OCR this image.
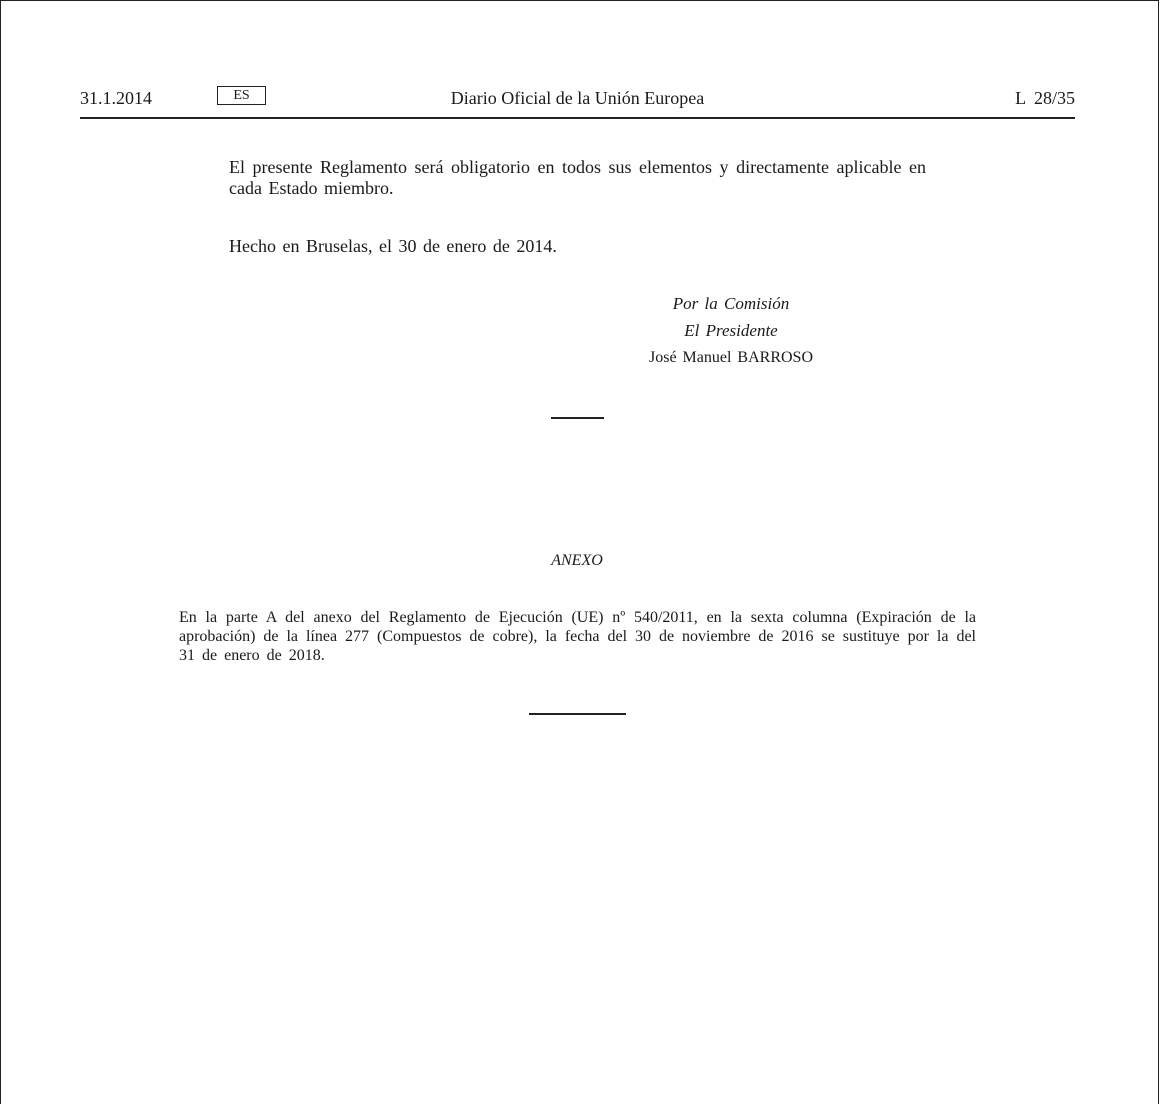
31.1.2014	ES	Diario Oficial de la Unión Europea	L 28/35

El presente Reglamento será obligatorio en todos sus elementos y directamente aplicable en cada Estado miembro.

Hecho en Bruselas, el 30 de enero de 2014.

Por la Comisión
El Presidente
José Manuel BARROSO
ANEXO

En la parte A del anexo del Reglamento de Ejecución (UE) nº 540/2011, en la sexta columna (Expiración de la aprobación) de la línea 277 (Compuestos de cobre), la fecha del 30 de noviembre de 2016 se sustituye por la del 31 de enero de 2018.
